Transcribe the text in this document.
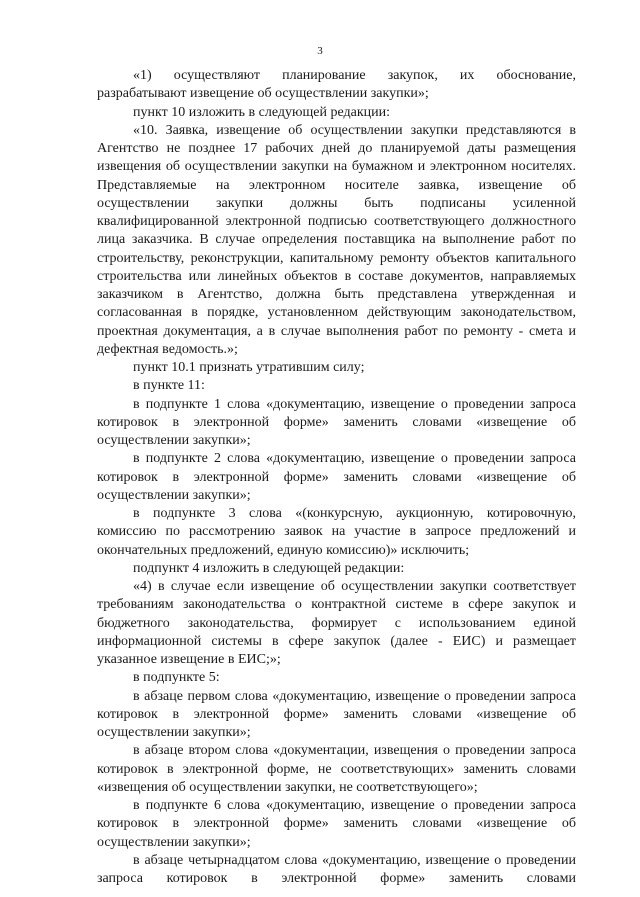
3

«1) осуществляют планирование закупок, их обоснование, разрабатывают извещение об осуществлении закупки»;

пункт 10 изложить в следующей редакции:

«10. Заявка, извещение об осуществлении закупки представляются в Агентство не позднее 17 рабочих дней до планируемой даты размещения извещения об осуществлении закупки на бумажном и электронном носителях. Представляемые на электронном носителе заявка, извещение об осуществлении закупки должны быть подписаны усиленной квалифицированной электронной подписью соответствующего должностного лица заказчика. В случае определения поставщика на выполнение работ по строительству, реконструкции, капитальному ремонту объектов капитального строительства или линейных объектов в составе документов, направляемых заказчиком в Агентство, должна быть представлена утвержденная и согласованная в порядке, установленном действующим законодательством, проектная документация, а в случае выполнения работ по ремонту - смета и дефектная ведомость.»;

пункт 10.1 признать утратившим силу;

в пункте 11:

в подпункте 1 слова «документацию, извещение о проведении запроса котировок в электронной форме» заменить словами «извещение об осуществлении закупки»;

в подпункте 2 слова «документацию, извещение о проведении запроса котировок в электронной форме» заменить словами «извещение об осуществлении закупки»;

в подпункте 3 слова «(конкурсную, аукционную, котировочную, комиссию по рассмотрению заявок на участие в запросе предложений и окончательных предложений, единую комиссию)» исключить;

подпункт 4 изложить в следующей редакции:

«4) в случае если извещение об осуществлении закупки соответствует требованиям законодательства о контрактной системе в сфере закупок и бюджетного законодательства, формирует с использованием единой информационной системы в сфере закупок (далее - ЕИС) и размещает указанное извещение в ЕИС;»;

в подпункте 5:

в абзаце первом слова «документацию, извещение о проведении запроса котировок в электронной форме» заменить словами «извещение об осуществлении закупки»;

в абзаце втором слова «документации, извещения о проведении запроса котировок в электронной форме, не соответствующих» заменить словами «извещения об осуществлении закупки, не соответствующего»;

в подпункте 6 слова «документацию, извещение о проведении запроса котировок в электронной форме» заменить словами «извещение об осуществлении закупки»;

в абзаце четырнадцатом слова «документацию, извещение о проведении запроса котировок в электронной форме» заменить словами
